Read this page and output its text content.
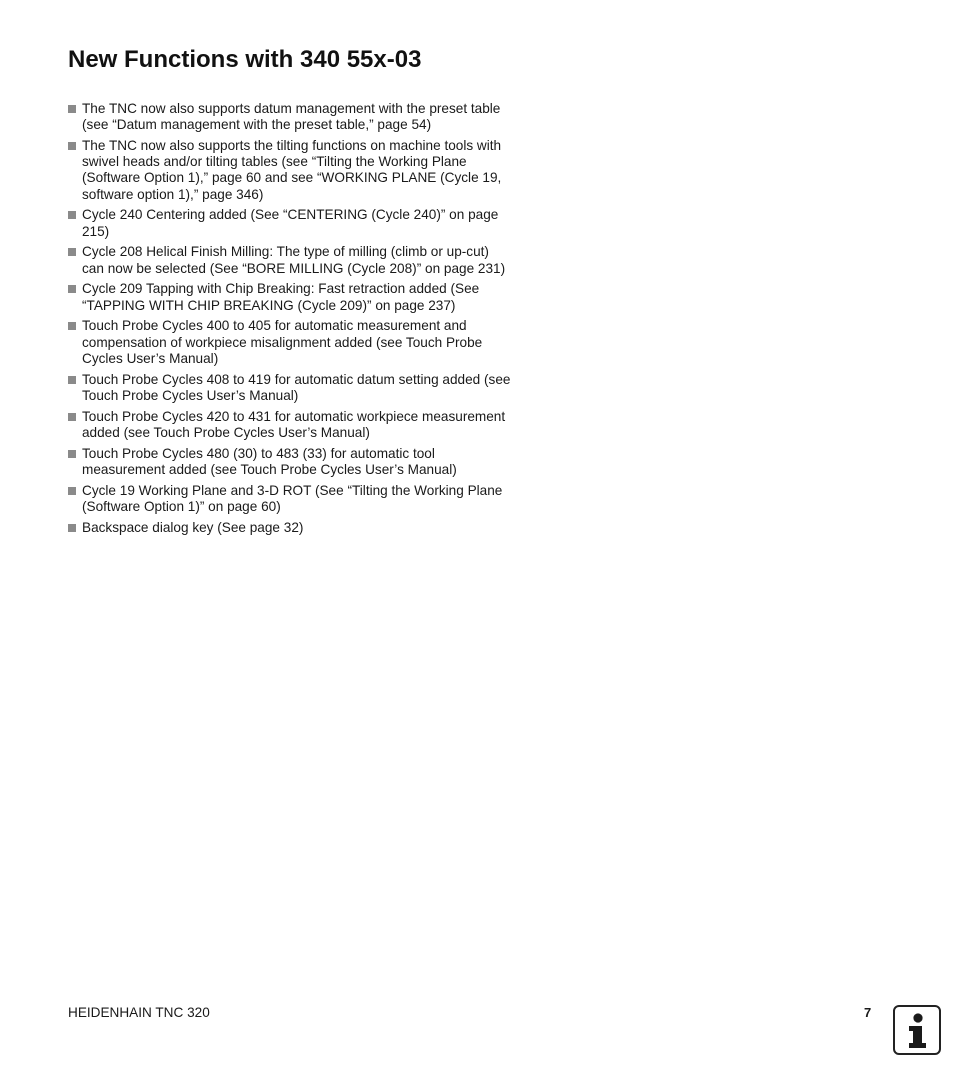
New Functions with 340 55x-03
The TNC now also supports datum management with the preset table (see “Datum management with the preset table,” page 54)
The TNC now also supports the tilting functions on machine tools with swivel heads and/or tilting tables (see “Tilting the Working Plane (Software Option 1),” page 60 and see “WORKING PLANE (Cycle 19, software option 1),” page 346)
Cycle 240 Centering added (See “CENTERING (Cycle 240)” on page 215)
Cycle 208 Helical Finish Milling: The type of milling (climb or up-cut) can now be selected (See “BORE MILLING (Cycle 208)” on page 231)
Cycle 209 Tapping with Chip Breaking: Fast retraction added (See “TAPPING WITH CHIP BREAKING (Cycle 209)” on page 237)
Touch Probe Cycles 400 to 405 for automatic measurement and compensation of workpiece misalignment added (see Touch Probe Cycles User’s Manual)
Touch Probe Cycles 408 to 419 for automatic datum setting added (see Touch Probe Cycles User’s Manual)
Touch Probe Cycles 420 to 431 for automatic workpiece measurement added (see Touch Probe Cycles User’s Manual)
Touch Probe Cycles 480 (30) to 483 (33) for automatic tool measurement added (see Touch Probe Cycles User’s Manual)
Cycle 19 Working Plane and 3-D ROT (See “Tilting the Working Plane (Software Option 1)” on page 60)
Backspace dialog key (See page 32)
HEIDENHAIN TNC 320	7
